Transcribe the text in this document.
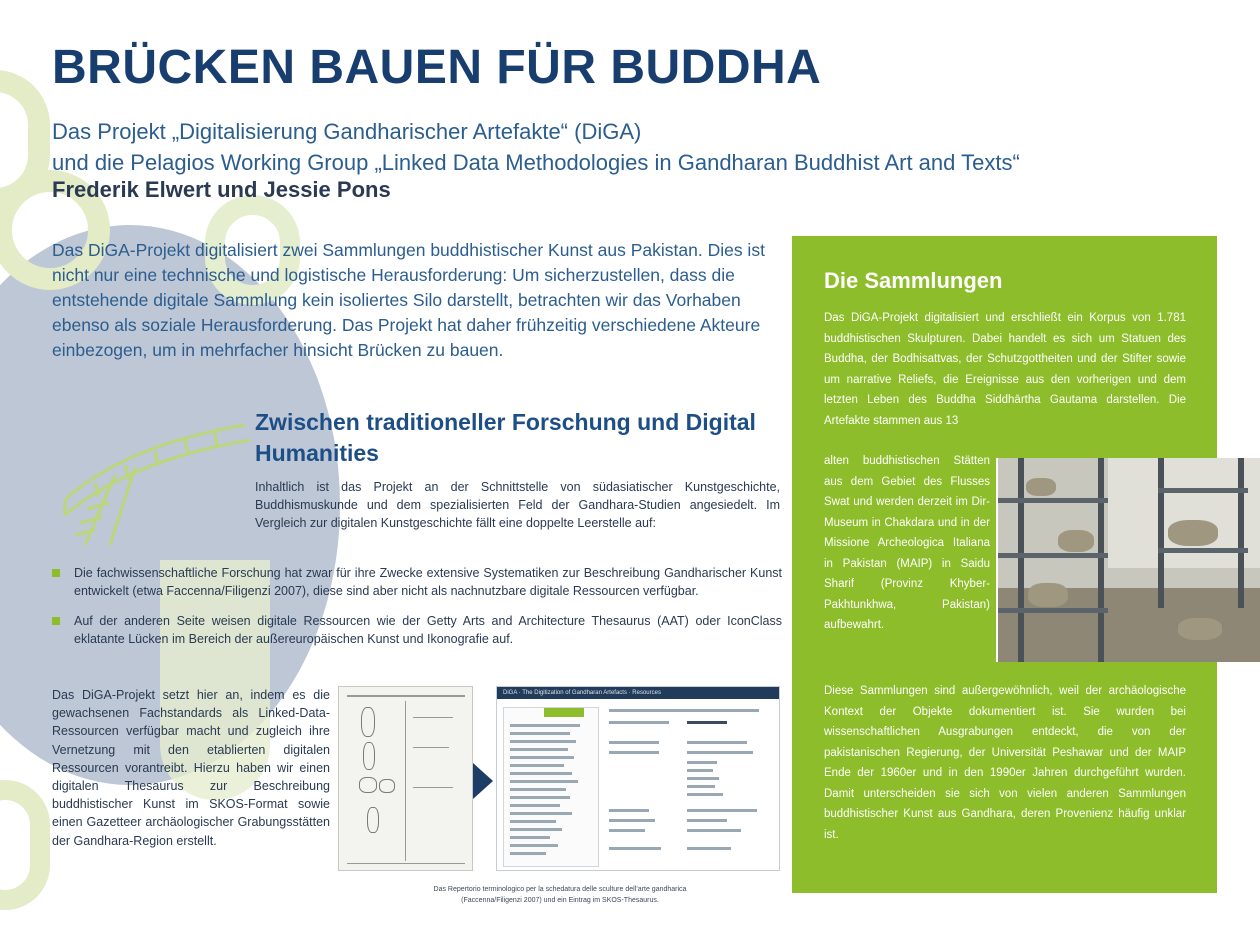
BRÜCKEN BAUEN FÜR BUDDHA
Das Projekt „Digitalisierung Gandharischer Artefakte“ (DiGA)
und die Pelagios Working Group „Linked Data Methodologies in Gandharan Buddhist Art and Texts“
Frederik Elwert und Jessie Pons

Das DiGA-Projekt digitalisiert zwei Sammlungen buddhistischer Kunst aus Pakistan. Dies ist nicht nur eine technische und logistische Herausforderung: Um sicherzustellen, dass die entstehende digitale Sammlung kein isoliertes Silo darstellt, betrachten wir das Vorhaben ebenso als soziale Herausforderung. Das Projekt hat daher frühzeitig verschiedene Akteure einbezogen, um in mehrfacher hinsicht Brücken zu bauen.

Zwischen traditioneller Forschung und Digital Humanities

Inhaltlich ist das Projekt an der Schnittstelle von südasiatischer Kunstgeschichte, Buddhismuskunde und dem spezialisierten Feld der Gandhara-Studien angesiedelt. Im Vergleich zur digitalen Kunstgeschichte fällt eine doppelte Leerstelle auf:

Die fachwissenschaftliche Forschung hat zwar für ihre Zwecke extensive Systematiken zur Beschreibung Gandharischer Kunst entwickelt (etwa Faccenna/Filigenzi 2007), diese sind aber nicht als nachnutzbare digitale Ressourcen verfügbar.
Auf der anderen Seite weisen digitale Ressourcen wie der Getty Arts and Architecture Thesaurus (AAT) oder IconClass eklatante Lücken im Bereich der außereuropäischen Kunst und Ikonografie auf.

Das DiGA-Projekt setzt hier an, indem es die gewachsenen Fachstandards als Linked-Data-Ressourcen verfügbar macht und zugleich ihre Vernetzung mit den etablierten digitalen Ressourcen vorantreibt. Hierzu haben wir einen digitalen Thesaurus zur Beschreibung buddhistischer Kunst im SKOS-Format sowie einen Gazetteer archäologischer Grabungsstätten der Gandhara-Region erstellt.

DiGA · The Digitization of Gandharan Artefacts · Resources
Das Repertorio terminologico per la schedatura delle sculture dell’arte gandharica
(Faccenna/Filigenzi 2007) und ein Eintrag im SKOS-Thesaurus.
Die Sammlungen

Das DiGA-Projekt digitalisiert und erschließt ein Korpus von 1.781 buddhistischen Skulpturen. Dabei handelt es sich um Statuen des Buddha, der Bodhisattvas, der Schutzgottheiten und der Stifter sowie um narrative Reliefs, die Ereignisse aus den vorherigen und dem letzten Leben des Buddha Siddhārtha Gautama darstellen. Die Artefakte stammen aus 13

alten buddhistischen Stätten aus dem Gebiet des Flusses Swat und werden derzeit im Dir-Museum in Chakdara und in der Missione Archeologica Italiana in Pakistan (MAIP) in Saidu Sharif (Provinz Khyber-Pakhtunkhwa, Pakistan) aufbewahrt.

Diese Sammlungen sind außergewöhnlich, weil der archäologische Kontext der Objekte dokumentiert ist. Sie wurden bei wissenschaftlichen Ausgrabungen entdeckt, die von der pakistanischen Regierung, der Universität Peshawar und der MAIP Ende der 1960er und in den 1990er Jahren durchgeführt wurden. Damit unterscheiden sie sich von vielen anderen Sammlungen buddhistischer Kunst aus Gandhara, deren Provenienz häufig unklar ist.
